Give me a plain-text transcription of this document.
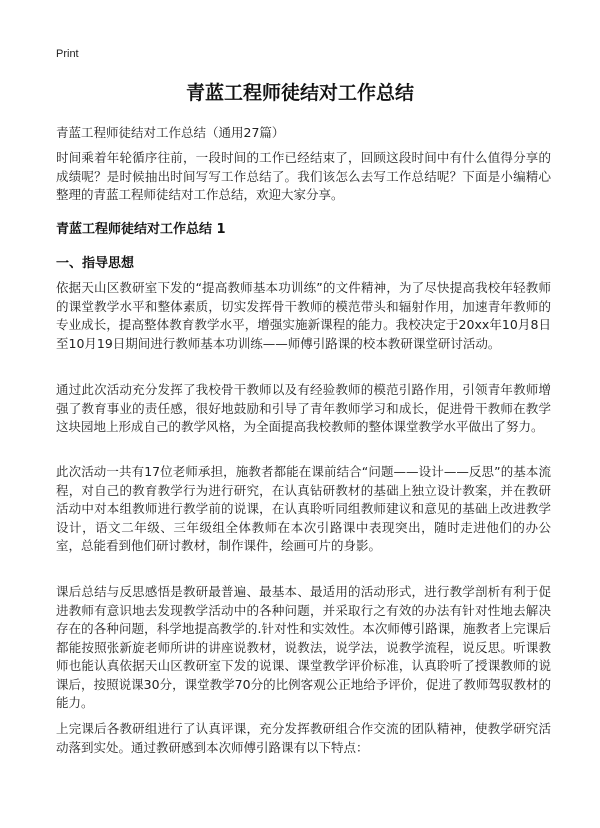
Print
青蓝工程师徒结对工作总结
青蓝工程师徒结对工作总结（通用27篇）
时间乘着年轮循序往前，一段时间的工作已经结束了，回顾这段时间中有什么值得分享的成绩呢？是时候抽出时间写写工作总结了。我们该怎么去写工作总结呢？下面是小编精心整理的青蓝工程师徒结对工作总结，欢迎大家分享。
青蓝工程师徒结对工作总结 1
一、指导思想
依据天山区教研室下发的“提高教师基本功训练”的文件精神，为了尽快提高我校年轻教师的课堂教学水平和整体素质，切实发挥骨干教师的模范带头和辐射作用，加速青年教师的专业成长，提高整体教育教学水平，增强实施新课程的能力。我校决定于20xx年10月8日至10月19日期间进行教师基本功训练——师傅引路课的校本教研课堂研讨活动。
通过此次活动充分发挥了我校骨干教师以及有经验教师的模范引路作用，引领青年教师增强了教育事业的责任感，很好地鼓励和引导了青年教师学习和成长，促进骨干教师在教学这块园地上形成自己的教学风格，为全面提高我校教师的整体课堂教学水平做出了努力。
此次活动一共有17位老师承担，施教者都能在课前结合“问题——设计——反思”的基本流程，对自己的教育教学行为进行研究，在认真钻研教材的基础上独立设计教案，并在教研活动中对本组教师进行教学前的说课，在认真聆听同组教师建议和意见的基础上改进教学设计，语文二年级、三年级组全体教师在本次引路课中表现突出，随时走进他们的办公室，总能看到他们研讨教材，制作课件，绘画可片的身影。
课后总结与反思感悟是教研最普遍、最基本、最适用的活动形式，进行教学剖析有利于促进教师有意识地去发现教学活动中的各种问题，并采取行之有效的办法有针对性地去解决存在的各种问题，科学地提高教学的.针对性和实效性。本次师傅引路课，施教者上完课后都能按照张新旋老师所讲的讲座说教材，说教法，说学法，说教学流程，说反思。听课教师也能认真依据天山区教研室下发的说课、课堂教学评价标准，认真聆听了授课教师的说课后，按照说课30分，课堂教学70分的比例客观公正地给予评价，促进了教师驾驭教材的能力。
上完课后各教研组进行了认真评课，充分发挥教研组合作交流的团队精神，使教学研究活动落到实处。通过教研感到本次师傅引路课有以下特点：
